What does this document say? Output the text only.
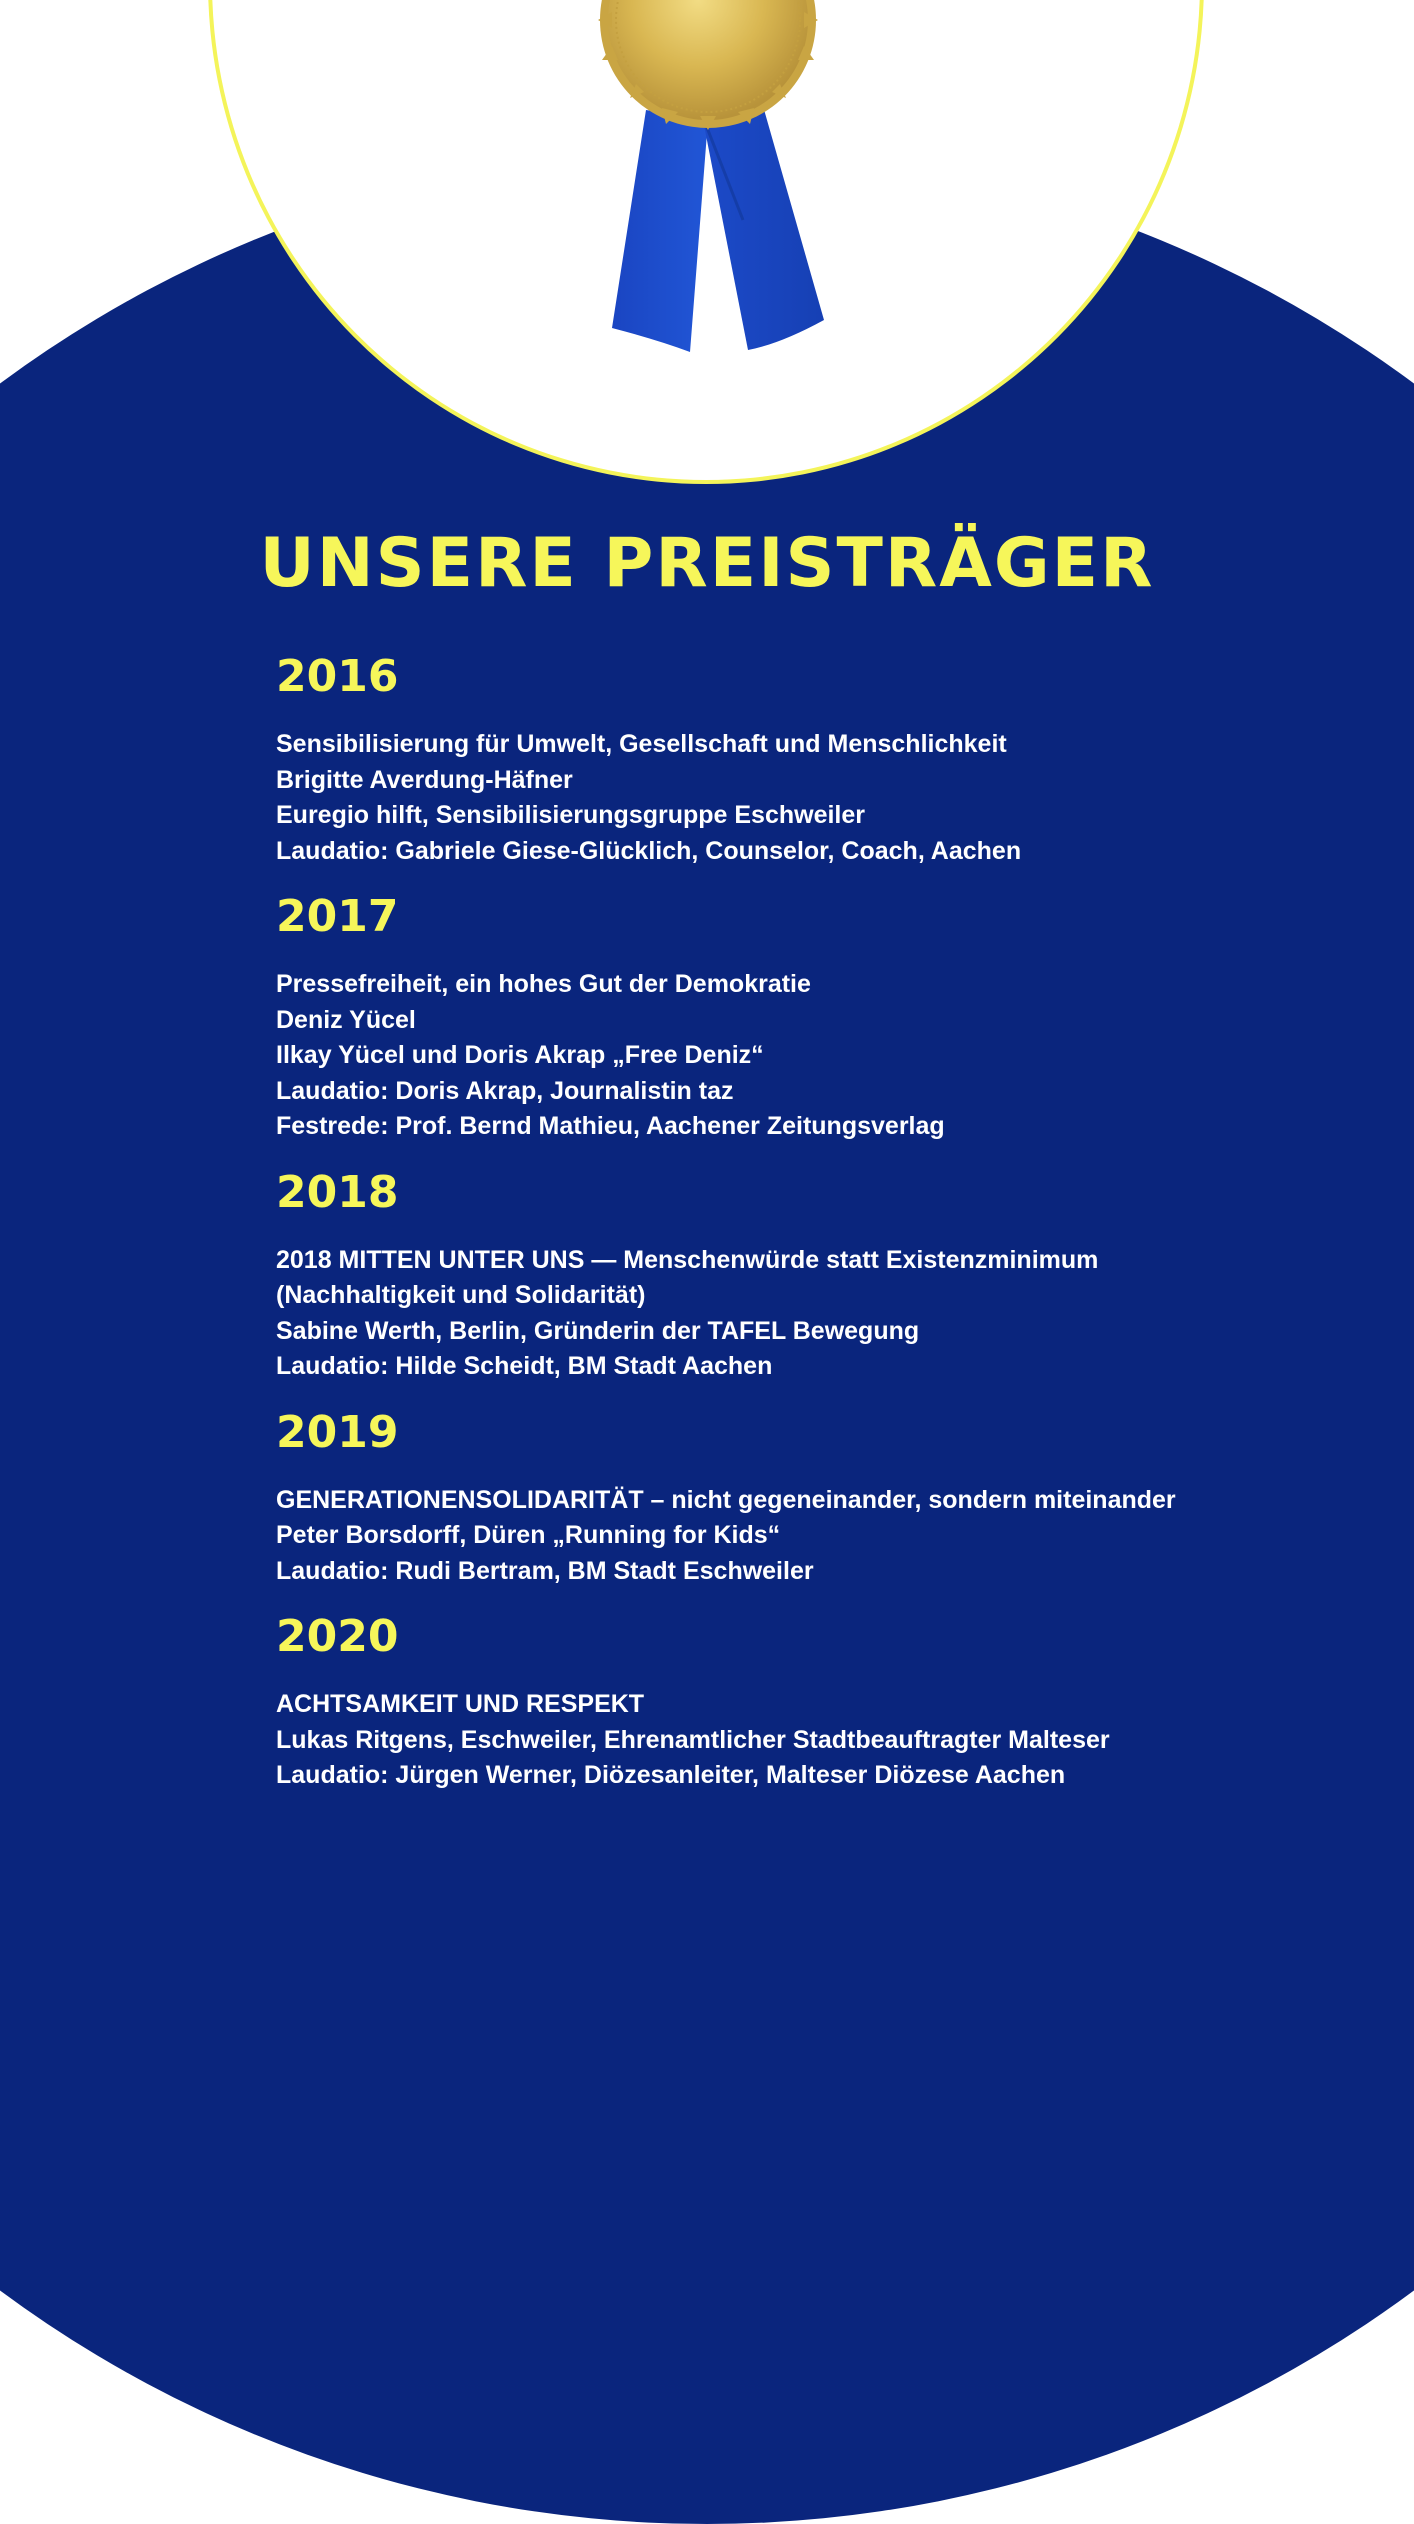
UNSERE PREISTRÄGER
2016
Sensibilisierung für Umwelt, Gesellschaft und Menschlichkeit
Brigitte Averdung-Häfner
Euregio hilft, Sensibilisierungsgruppe Eschweiler
Laudatio: Gabriele Giese-Glücklich, Counselor, Coach, Aachen
2017
Pressefreiheit, ein hohes Gut der Demokratie
Deniz Yücel
Ilkay Yücel und Doris Akrap „Free Deniz“
Laudatio: Doris Akrap, Journalistin taz
Festrede: Prof. Bernd Mathieu, Aachener Zeitungsverlag
2018
2018 MITTEN UNTER UNS — Menschenwürde statt Existenzminimum
(Nachhaltigkeit und Solidarität)
Sabine Werth, Berlin, Gründerin der TAFEL Bewegung
Laudatio: Hilde Scheidt, BM Stadt Aachen
2019
GENERATIONENSOLIDARITÄT – nicht gegeneinander, sondern miteinander
Peter Borsdorff, Düren „Running for Kids“
Laudatio: Rudi Bertram, BM Stadt Eschweiler
2020
ACHTSAMKEIT UND RESPEKT
Lukas Ritgens, Eschweiler, Ehrenamtlicher Stadtbeauftragter Malteser
Laudatio: Jürgen Werner, Diözesanleiter, Malteser Diözese Aachen
